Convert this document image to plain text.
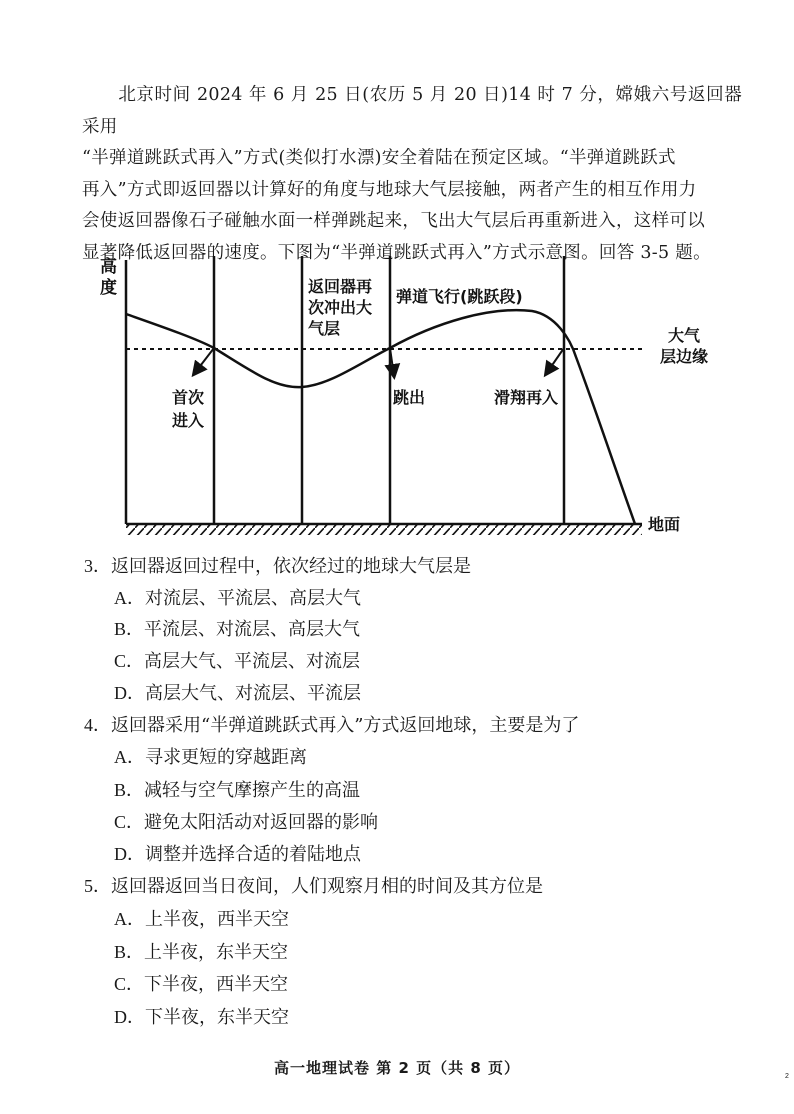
北京时间 2024 年 6 月 25 日(农历 5 月 20 日)14 时 7 分，嫦娥六号返回器采用
“半弹道跳跃式再入”方式(类似打水漂)安全着陆在预定区域。“半弹道跳跃式
再入”方式即返回器以计算好的角度与地球大气层接触，两者产生的相互作用力
会使返回器像石子碰触水面一样弹跳起来，飞出大气层后再重新进入，这样可以
显著降低返回器的速度。下图为“半弹道跳跃式再入”方式示意图。回答 3-5 题。
高
度	返回器再
次冲出大
气层
弹道飞行(跳跃段)
大气
层边缘
首次
进入
跳出	滑翔再入
地面
3．返回器返回过程中，依次经过的地球大气层是
A．对流层、平流层、高层大气
B．平流层、对流层、高层大气
C．高层大气、平流层、对流层
D．高层大气、对流层、平流层
4．返回器采用“半弹道跳跃式再入”方式返回地球，主要是为了
A．寻求更短的穿越距离
B．减轻与空气摩擦产生的高温
C．避免太阳活动对返回器的影响
D．调整并选择合适的着陆地点
5．返回器返回当日夜间，人们观察月相的时间及其方位是
A．上半夜，西半天空
B．上半夜，东半天空
C．下半夜，西半天空
D．下半夜，东半天空
高一地理试卷 第 2 页（共 8 页）	2
